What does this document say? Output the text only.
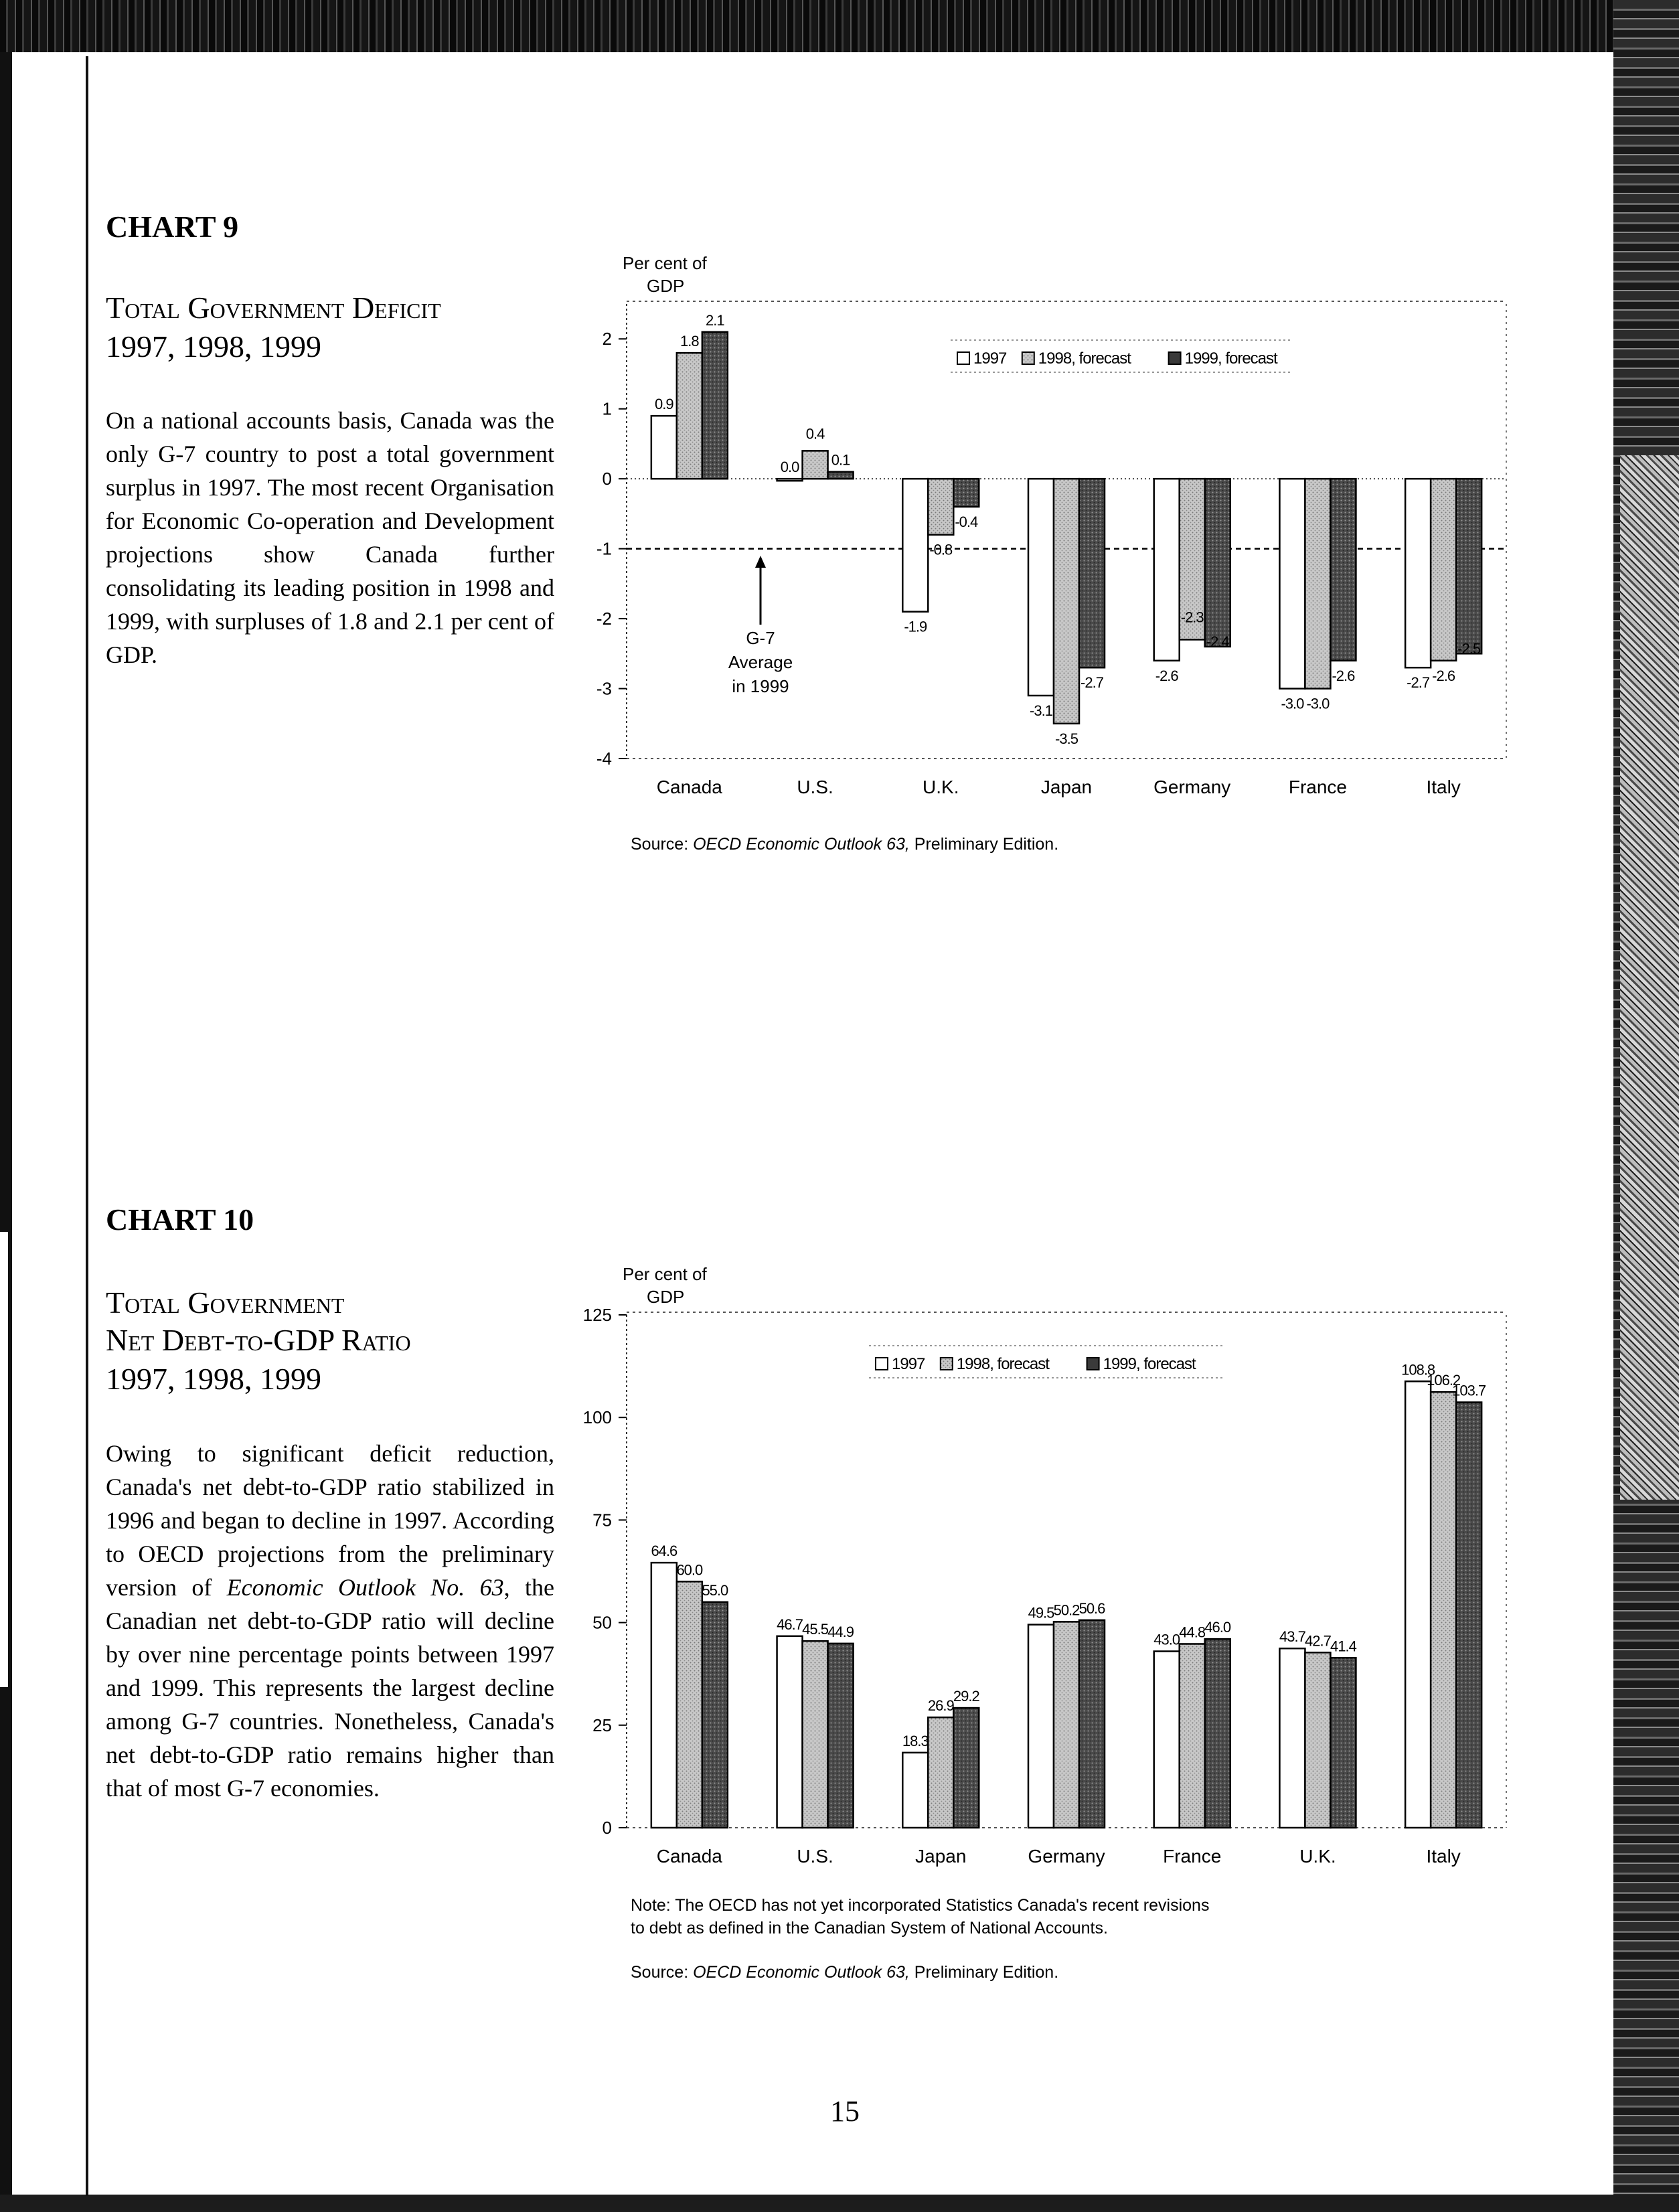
CHART 9
Total Government Deficit
1997, 1998, 1999
On a national accounts basis, Canada was the only G-7 country to post a total government surplus in 1997. The most recent Organisation for Economic Co-operation and Development projections show Canada further consolidating its leading position in 1998 and 1999, with surpluses of 1.8 and 2.1 per cent of GDP.
Per cent of
GDP
2
1
0
-1
-2
-3
-4
Canada	U.S.	U.K.	Japan	Germany	France	Italy
0.9
1.8
2.1
0.0
0.4
0.1
-1.9
-0.8
-0.4
-3.1
-3.5
-2.7	-2.6
-2.3
-2.4
-3.0 -3.0
-2.6	-2.7 -2.6
-2.5
1997 1998, forecast	1999, forecast
G-7
Average
in 1999
Source: OECD Economic Outlook 63, Preliminary Edition.
CHART 10
Total Government
Net Debt-to-GDP Ratio
1997, 1998, 1999
Owing to significant deficit reduction, Canada's net debt-to-GDP ratio stabilized in 1996 and began to decline in 1997. According to OECD projections from the preliminary version of Economic Outlook No. 63, the Canadian net debt-to-GDP ratio will decline by over nine percentage points between 1997 and 1999. This represents the largest decline among G-7 countries. Nonetheless, Canada's net debt-to-GDP ratio remains higher than that of most G-7 economies.
Per cent of
GDP
125
100
75
50
25
0
Canada	U.S.	Japan	Germany	France	U.K.	Italy
64.6
60.0
55.0
46.7 45.5 44.9
18.3
26.9
29.2
49.5 50.2 50.6
43.0 44.8 46.0
43.7 42.7 41.4
108.8
106.2
103.7
1997 1998, forecast	1999, forecast
Note: The OECD has not yet incorporated Statistics Canada's recent revisions
to debt as defined in the Canadian System of National Accounts.
Source: OECD Economic Outlook 63, Preliminary Edition.
15
